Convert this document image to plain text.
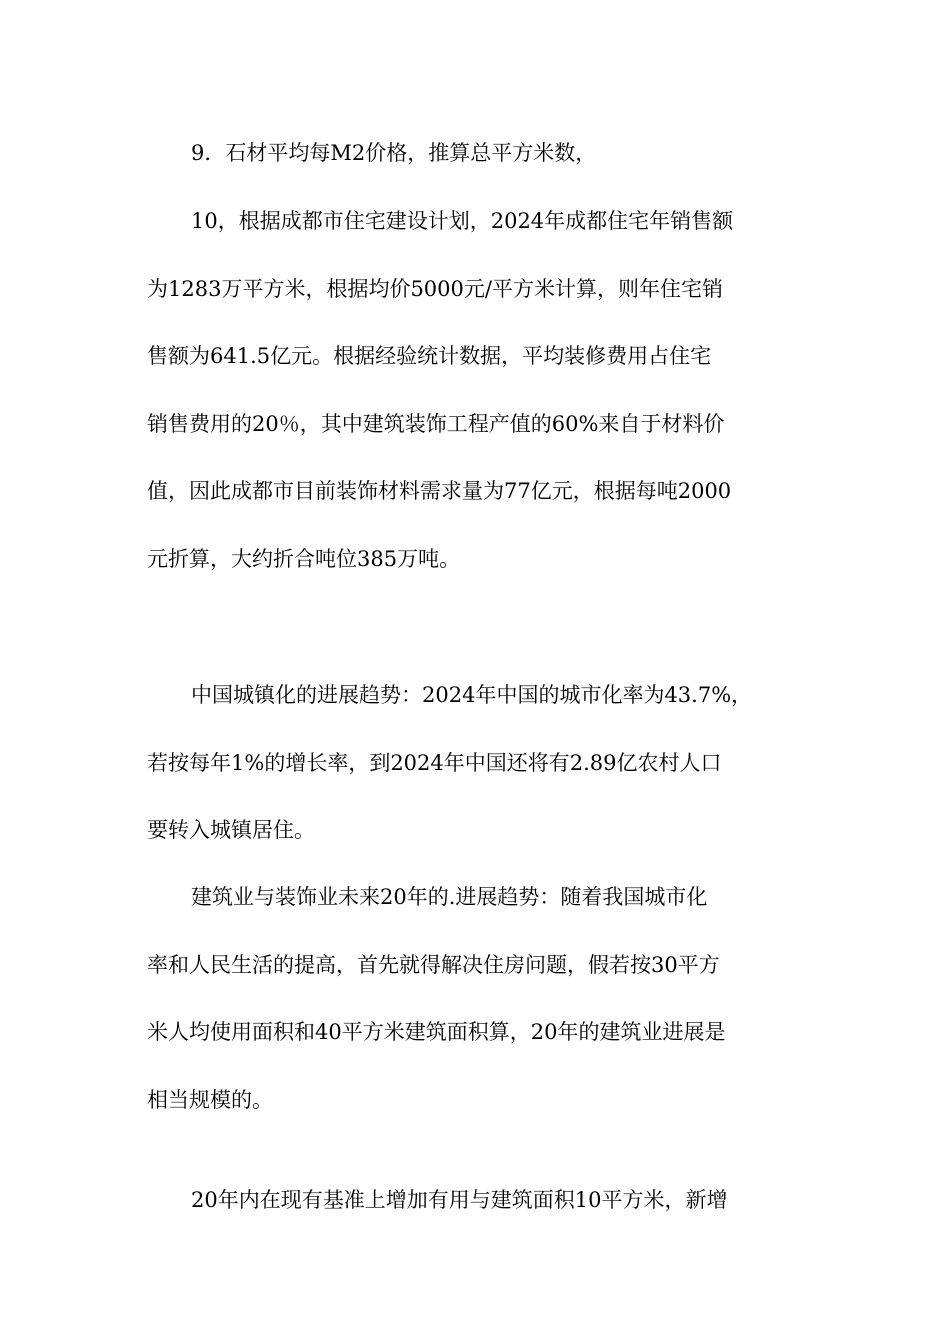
9．石材平均每M2价格，推算总平方米数，
10，根据成都市住宅建设计划，2024年成都住宅年销售额
为1283万平方米，根据均价5000元/平方米计算，则年住宅销
售额为641.5亿元。根据经验统计数据，平均装修费用占住宅
销售费用的20％，其中建筑装饰工程产值的60%来自于材料价
值，因此成都市目前装饰材料需求量为77亿元，根据每吨2000
元折算，大约折合吨位385万吨。
中国城镇化的进展趋势：2024年中国的城市化率为43.7%，
若按每年1%的增长率，到2024年中国还将有2.89亿农村人口
要转入城镇居住。
建筑业与装饰业未来20年的.进展趋势：随着我国城市化
率和人民生活的提高，首先就得解决住房问题，假若按30平方
米人均使用面积和40平方米建筑面积算，20年的建筑业进展是
相当规模的。
20年内在现有基准上增加有用与建筑面积10平方米，新增
